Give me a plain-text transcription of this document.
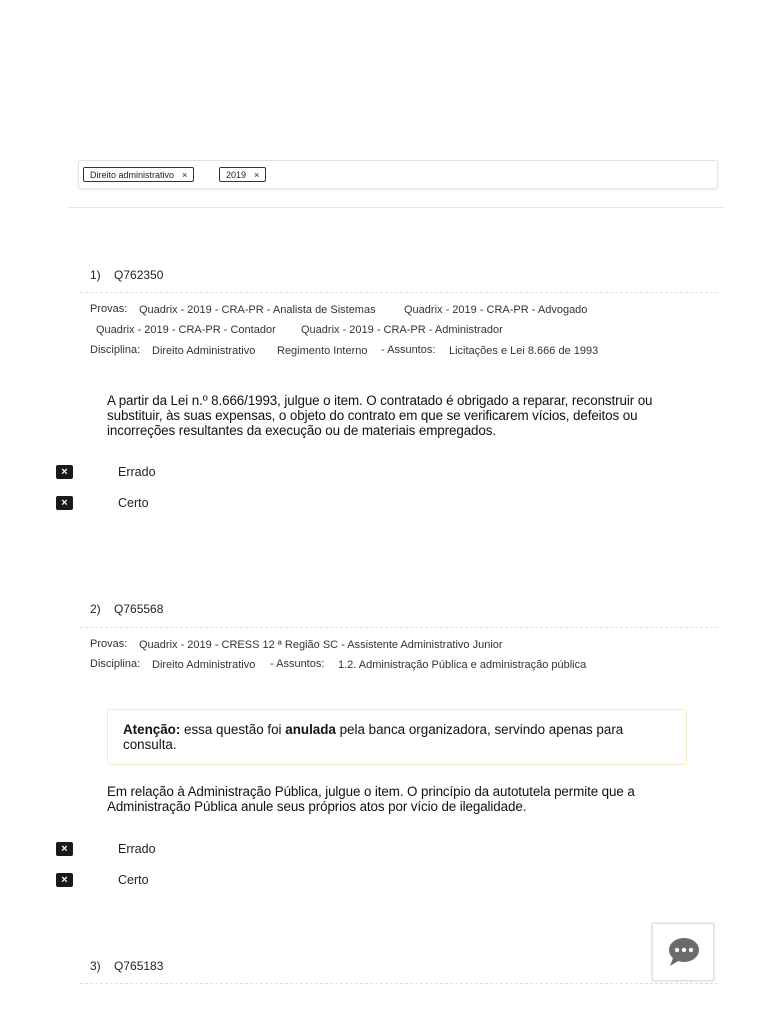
Direito administrativo ×	2019 ×
1) Q762350
Provas: Quadrix - 2019 - CRA-PR - Analista de Sistemas	Quadrix - 2019 - CRA-PR - Advogado
Quadrix - 2019 - CRA-PR - Contador Quadrix - 2019 - CRA-PR - Administrador
Disciplina: Direito Administrativo Regimento Interno - Assuntos: Licitações e Lei 8.666 de 1993
A partir da Lei n.º 8.666/1993, julgue o item. O contratado é obrigado a reparar, reconstruir ou
substituir, às suas expensas, o objeto do contrato em que se verificarem vícios, defeitos ou
incorreções resultantes da execução ou de materiais empregados.
×	Errado
×	Certo
2) Q765568
Provas: Quadrix - 2019 - CRESS 12 ª Região SC - Assistente Administrativo Junior
Disciplina: Direito Administrativo - Assuntos: 1.2. Administração Pública e administração pública
Atenção: essa questão foi anulada pela banca organizadora, servindo apenas para
consulta.
Em relação à Administração Pública, julgue o item. O princípio da autotutela permite que a
Administração Pública anule seus próprios atos por vício de ilegalidade.
×	Errado
×	Certo
3) Q765183
